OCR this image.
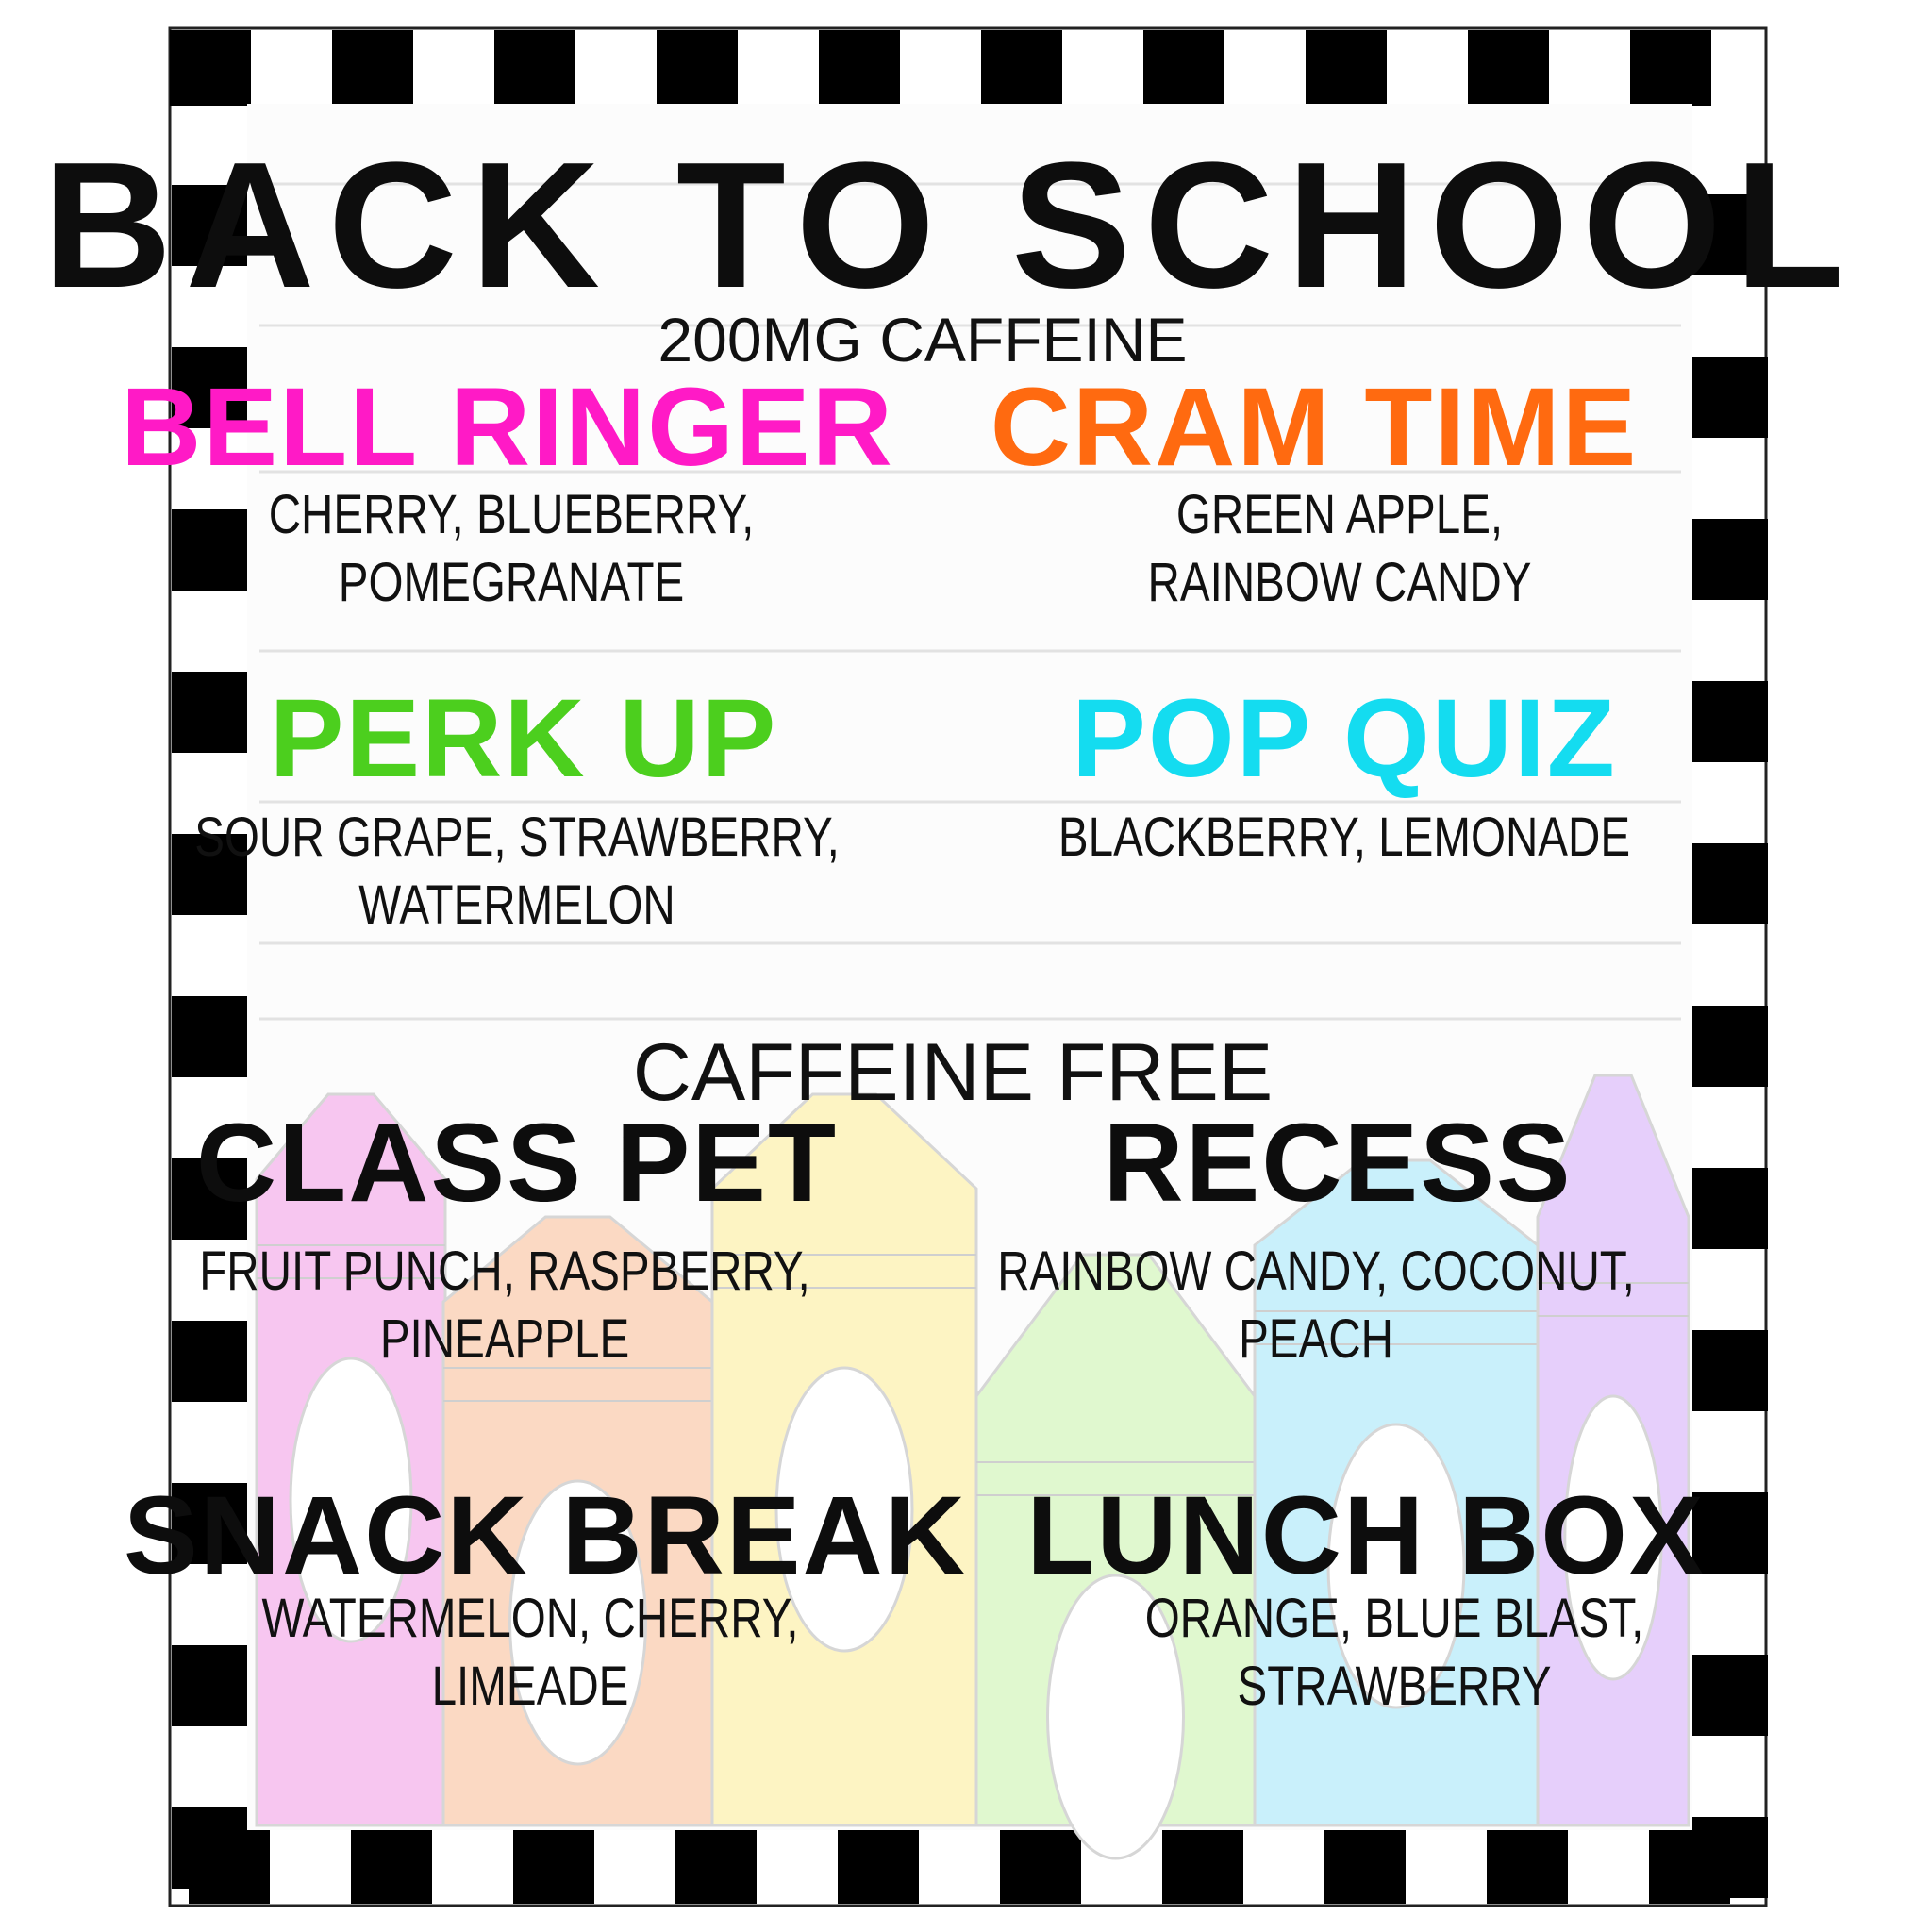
BACK TO SCHOOL
200MG CAFFEINE
CAFFEINE FREE
BELL RINGER
CHERRY, BLUEBERRY,
POMEGRANATE
CRAM TIME
GREEN APPLE,
RAINBOW CANDY
PERK UP
SOUR GRAPE, STRAWBERRY,
WATERMELON
POP QUIZ
BLACKBERRY, LEMONADE
CLASS PET
FRUIT PUNCH, RASPBERRY,
PINEAPPLE
RECESS
RAINBOW CANDY, COCONUT,
PEACH
SNACK BREAK
WATERMELON, CHERRY,
LIMEADE
LUNCH BOX
ORANGE, BLUE BLAST,
STRAWBERRY
